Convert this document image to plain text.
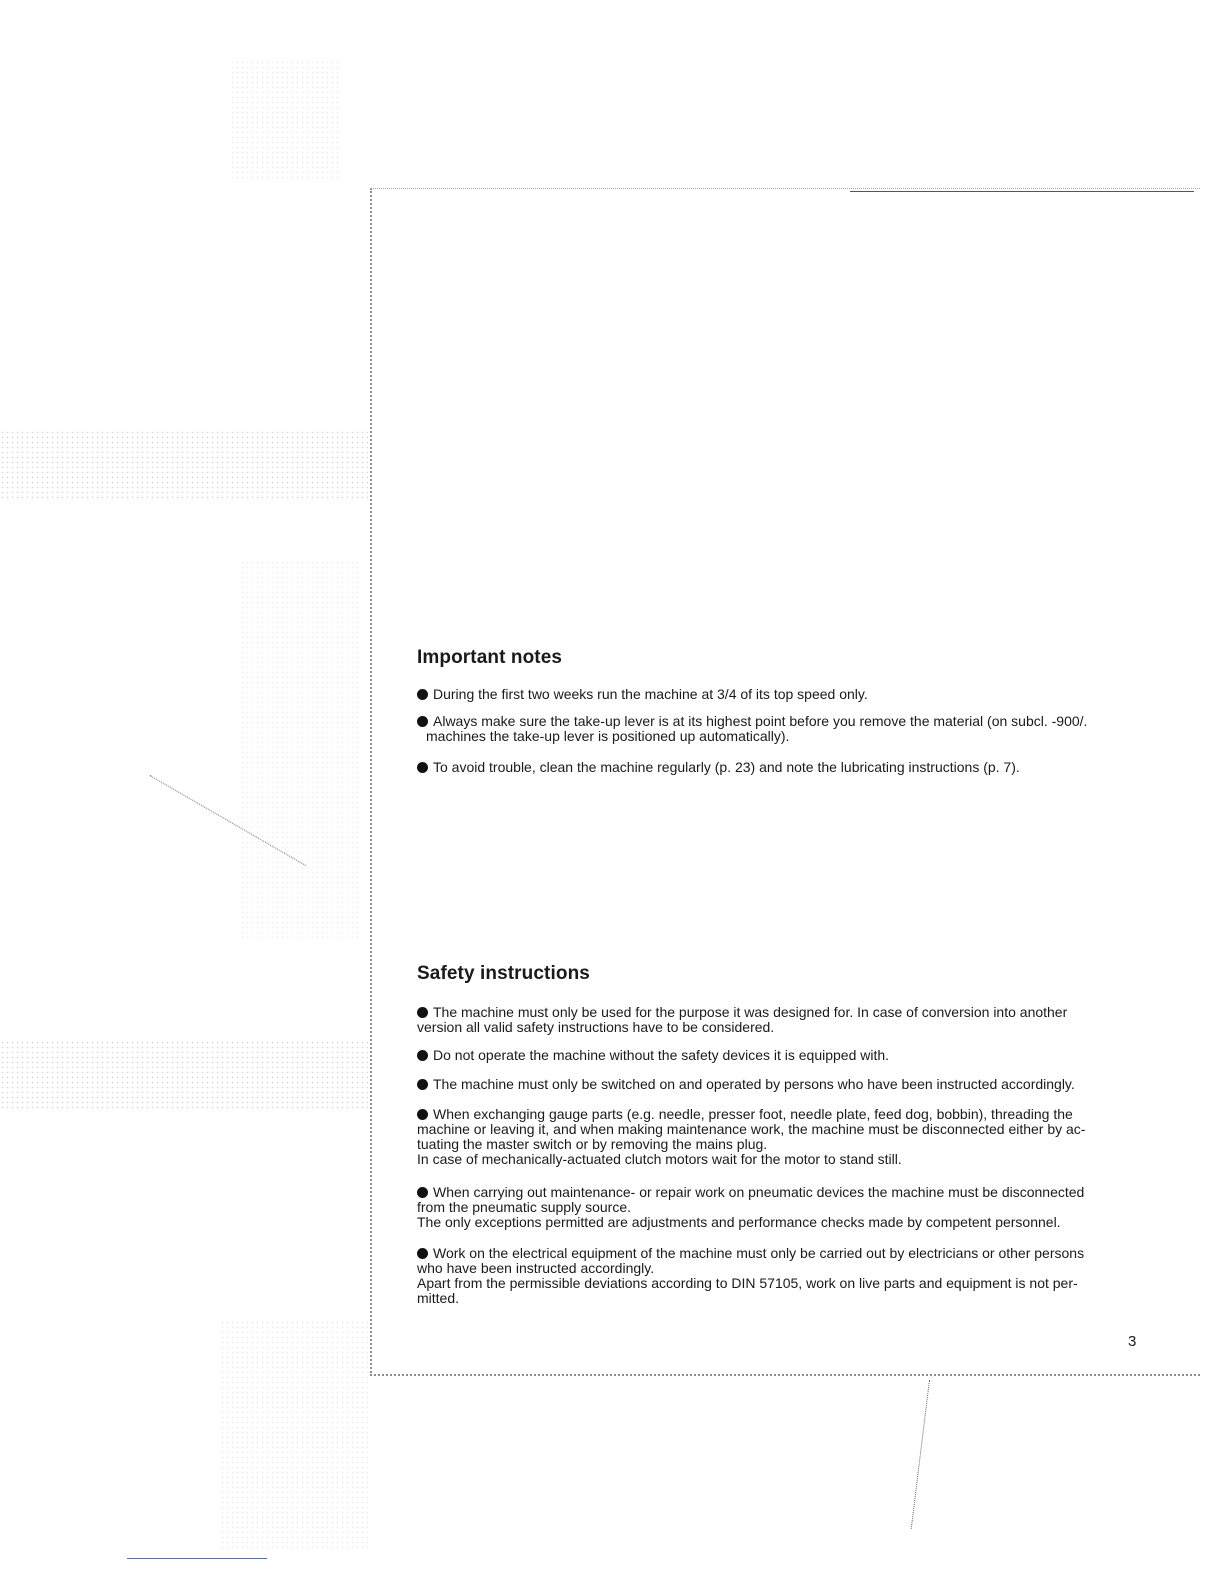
Important notes
During the first two weeks run the machine at 3/4 of its top speed only.
Always make sure the take-up lever is at its highest point before you remove the material (on subcl. -900/.
machines the take-up lever is positioned up automatically).
To avoid trouble, clean the machine regularly (p. 23) and note the lubricating instructions (p. 7).
Safety instructions
The machine must only be used for the purpose it was designed for. In case of conversion into another
version all valid safety instructions have to be considered.
Do not operate the machine without the safety devices it is equipped with.
The machine must only be switched on and operated by persons who have been instructed accordingly.
When exchanging gauge parts (e.g. needle, presser foot, needle plate, feed dog, bobbin), threading the
machine or leaving it, and when making maintenance work, the machine must be disconnected either by ac-
tuating the master switch or by removing the mains plug.
In case of mechanically-actuated clutch motors wait for the motor to stand still.
When carrying out maintenance- or repair work on pneumatic devices the machine must be disconnected
from the pneumatic supply source.
The only exceptions permitted are adjustments and performance checks made by competent personnel.
Work on the electrical equipment of the machine must only be carried out by electricians or other persons
who have been instructed accordingly.
Apart from the permissible deviations according to DIN 57105, work on live parts and equipment is not per-
mitted.
3
